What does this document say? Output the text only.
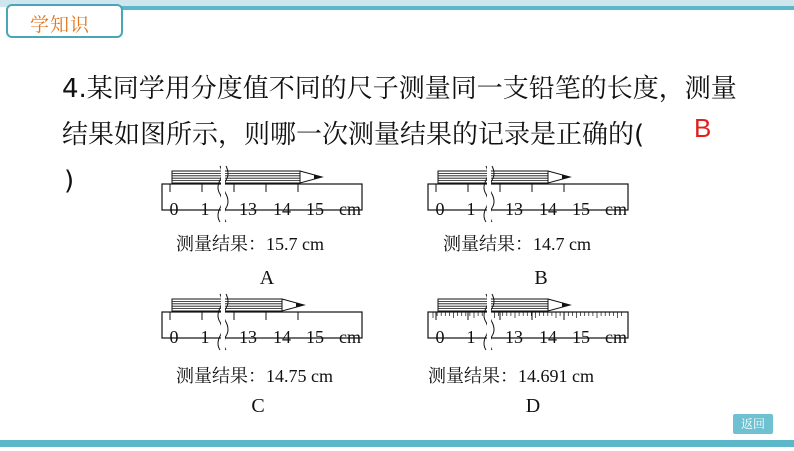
学知识
4.某同学用分度值不同的尺子测量同一支铅笔的长度，测量结果如图所示，则哪一次测量结果的记录是正确的(	B
)
0 1 13 14 15 cm
测量结果：15.7 cm
A
0 1 13 14 15 cm
测量结果：14.7 cm
B
0 1 13 14 15 cm
测量结果：14.75 cm
C
0 1 13 14 15 cm
测量结果：14.691 cm
D
返回
